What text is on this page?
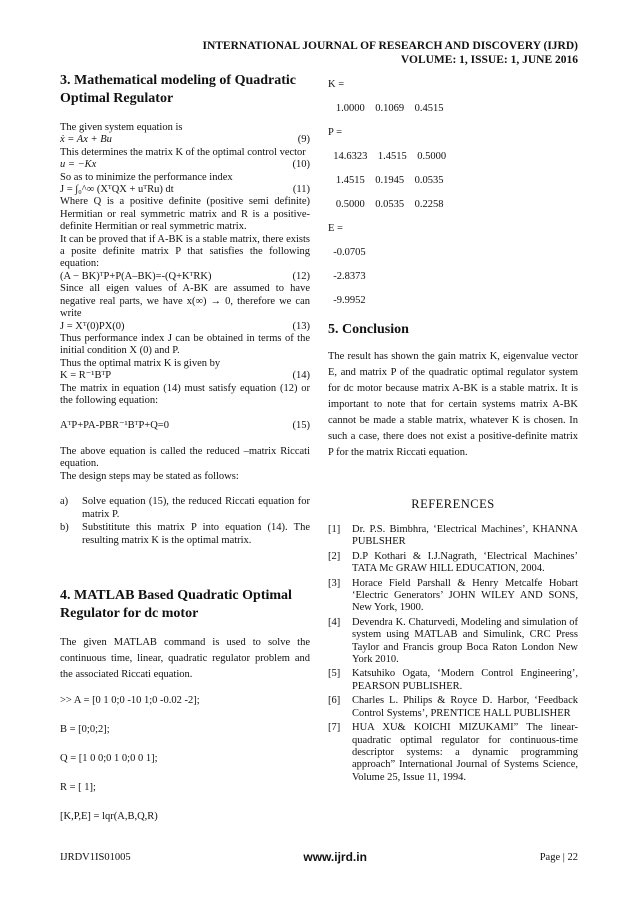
INTERNATIONAL JOURNAL OF RESEARCH AND DISCOVERY (IJRD)
VOLUME: 1, ISSUE: 1, JUNE 2016
3. Mathematical modeling of Quadratic
Optimal Regulator

The given system equation is

ẋ = Ax + Bu	(9)

This determines the matrix K of the optimal control vector

u = −Kx	(10)

So as to minimize the performance index

J = ∫₀^∞ (XᵀQX + uᵀRu) dt	(11)

Where Q is a positive definite (positive semi definite) Hermitian or real symmetric matrix and R is a positive-definite Hermitian or real symmetric matrix.

It can be proved that if A-BK is a stable matrix, there exists a posite definite matrix P that satisfies the following equation:

(A − BK)ᵀP+P(A–BK)=-(Q+KᵀRK)	(12)

Since all eigen values of A-BK are assumed to have negative real parts, we have x(∞) → 0, therefore we can write

J = Xᵀ(0)PX(0)	(13)

Thus performance index J can be obtained in terms of the initial condition X (0) and P.

Thus the optimal matrix K is given by

K = R⁻¹BᵀP	(14)

The matrix in equation (14) must satisfy equation (12) or the following equation:

AᵀP+PA-PBR⁻¹BᵀP+Q=0	(15)

The above equation is called the reduced –matrix Riccati equation.

The design steps may be stated as follows:

a)	Solve equation (15), the reduced Riccati equation for matrix P.
b)	Substititute this matrix P into equation (14). The resulting matrix K is the optimal matrix.
4. MATLAB Based Quadratic Optimal
Regulator for dc motor

The given MATLAB command is used to solve the continuous time, linear, quadratic regulator problem and the associated Riccati equation.

>> A = [0 1 0;0 -10 1;0 -0.02 -2];

B = [0;0;2];

Q = [1 0 0;0 1 0;0 0 1];

R = [ 1];

[K,P,E] = lqr(A,B,Q,R)

K =

1.0000    0.1069    0.4515

P =

14.6323    1.4515    0.5000

1.4515    0.1945    0.0535

0.5000    0.0535    0.2258

E =

-0.0705

-2.8373

-9.9952

5. Conclusion

The result has shown the gain matrix K, eigenvalue vector E, and matrix P of the quadratic optimal regulator system for dc motor because matrix A-BK is a stable matrix. It is important to note that for certain systems matrix A-BK cannot be made a stable matrix, whatever K is chosen. In such a case, there does not exist a positive-definite matrix P for the matrix Riccati equation.

REFERENCES

[1]	Dr. P.S. Bimbhra, ‘Electrical Machines’, KHANNA PUBLSHER
[2]	D.P Kothari & I.J.Nagrath, ‘Electrical Machines’ TATA Mc GRAW HILL EDUCATION, 2004.
[3]	Horace Field Parshall & Henry Metcalfe Hobart ‘Electric Generators’ JOHN WILEY AND SONS, New York, 1900.
[4]	Devendra K. Chaturvedi, Modeling and simulation of system using MATLAB and Simulink, CRC Press Taylor and Francis group Boca Raton London New York 2010.
[5]	Katsuhiko Ogata, ‘Modern Control Engineering’, PEARSON PUBLISHER.
[6]	Charles L. Philips & Royce D. Harbor, ‘Feedback Control Systems’, PRENTICE HALL PUBLISHER
[7]	HUA XU& KOICHI MIZUKAMI” The linear-quadratic optimal regulator for continuous-time descriptor systems: a dynamic programming approach” International Journal of Systems Science, Volume 25, Issue 11, 1994.
IJRDV1IS01005	www.ijrd.in	Page | 22
